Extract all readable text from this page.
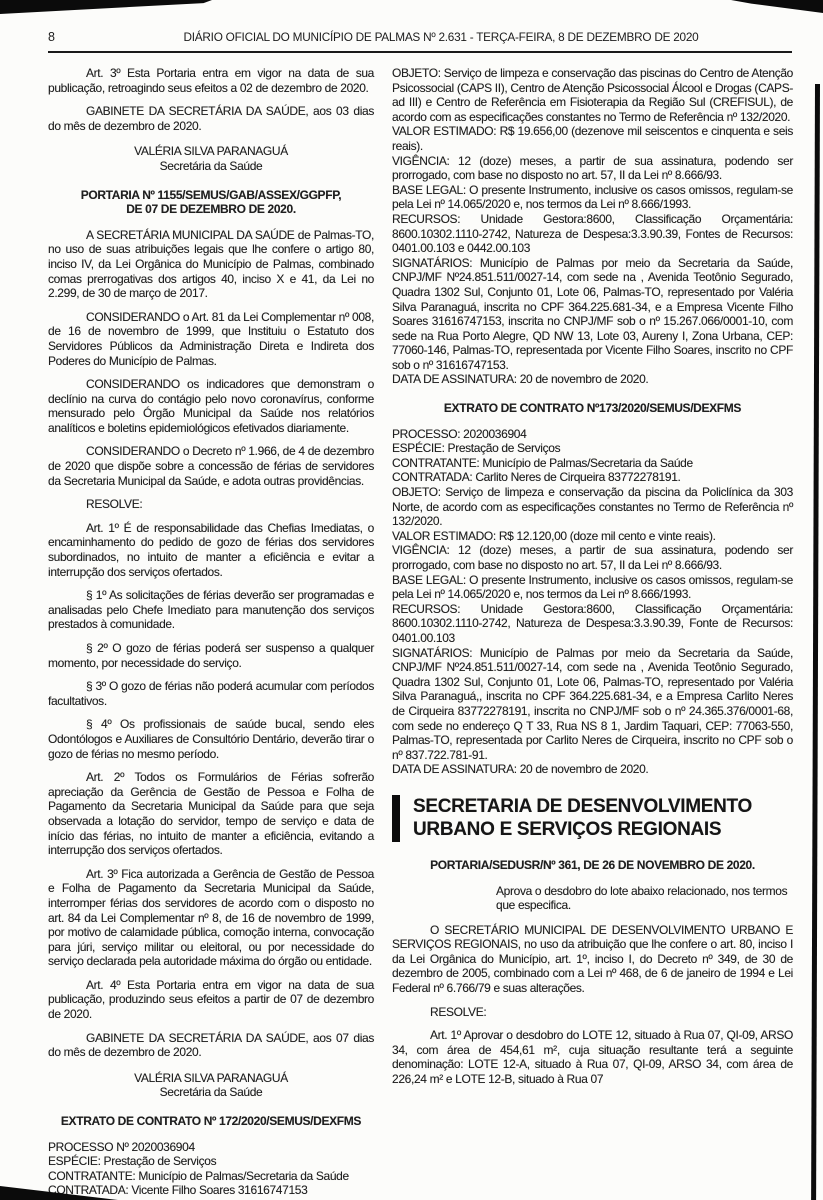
8	DIÁRIO OFICIAL DO MUNICÍPIO DE PALMAS Nº 2.631 - TERÇA-FEIRA, 8 DE DEZEMBRO DE 2020
Art. 3º Esta Portaria entra em vigor na data de sua publicação, retroagindo seus efeitos a 02 de dezembro de 2020.
GABINETE DA SECRETÁRIA DA SAÚDE, aos 03 dias do mês de dezembro de 2020.
VALÉRIA SILVA PARANAGUÁ
Secretária da Saúde
PORTARIA Nº 1155/SEMUS/GAB/ASSEX/GGPFP,
DE 07 DE DEZEMBRO DE 2020.
A SECRETÁRIA MUNICIPAL DA SAÚDE de Palmas-TO, no uso de suas atribuições legais que lhe confere o artigo 80, inciso IV, da Lei Orgânica do Município de Palmas, combinado comas prerrogativas dos artigos 40, inciso X e 41, da Lei no 2.299, de 30 de março de 2017.
CONSIDERANDO o Art. 81 da Lei Complementar nº 008, de 16 de novembro de 1999, que Instituiu o Estatuto dos Servidores Públicos da Administração Direta e Indireta dos Poderes do Município de Palmas.
CONSIDERANDO os indicadores que demonstram o declínio na curva do contágio pelo novo coronavírus, conforme mensurado pelo Órgão Municipal da Saúde nos relatórios analíticos e boletins epidemiológicos efetivados diariamente.
CONSIDERANDO o Decreto nº 1.966, de 4 de dezembro de 2020 que dispõe sobre a concessão de férias de servidores da Secretaria Municipal da Saúde, e adota outras providências.
RESOLVE:
Art. 1º É de responsabilidade das Chefias Imediatas, o encaminhamento do pedido de gozo de férias dos servidores subordinados, no intuito de manter a eficiência e evitar a interrupção dos serviços ofertados.
§ 1º As solicitações de férias deverão ser programadas e analisadas pelo Chefe Imediato para manutenção dos serviços prestados à comunidade.
§ 2º O gozo de férias poderá ser suspenso a qualquer momento, por necessidade do serviço.
§ 3º O gozo de férias não poderá acumular com períodos facultativos.
§ 4º Os profissionais de saúde bucal, sendo eles Odontólogos e Auxiliares de Consultório Dentário, deverão tirar o gozo de férias no mesmo período.
Art. 2º Todos os Formulários de Férias sofrerão apreciação da Gerência de Gestão de Pessoa e Folha de Pagamento da Secretaria Municipal da Saúde para que seja observada a lotação do servidor, tempo de serviço e data de início das férias, no intuito de manter a eficiência, evitando a interrupção dos serviços ofertados.
Art. 3º Fica autorizada a Gerência de Gestão de Pessoa e Folha de Pagamento da Secretaria Municipal da Saúde, interromper férias dos servidores de acordo com o disposto no art. 84 da Lei Complementar nº 8, de 16 de novembro de 1999, por motivo de calamidade pública, comoção interna, convocação para júri, serviço militar ou eleitoral, ou por necessidade do serviço declarada pela autoridade máxima do órgão ou entidade.
Art. 4º Esta Portaria entra em vigor na data de sua publicação, produzindo seus efeitos a partir de 07 de dezembro de 2020.
GABINETE DA SECRETÁRIA DA SAÚDE, aos 07 dias do mês de dezembro de 2020.
VALÉRIA SILVA PARANAGUÁ
Secretária da Saúde
EXTRATO DE CONTRATO Nº 172/2020/SEMUS/DEXFMS
PROCESSO Nº 2020036904
ESPÉCIE: Prestação de Serviços
CONTRATANTE: Município de Palmas/Secretaria da Saúde
CONTRATADA: Vicente Filho Soares 31616747153
OBJETO: Serviço de limpeza e conservação das piscinas do Centro de Atenção Psicossocial (CAPS II), Centro de Atenção Psicossocial Álcool e Drogas (CAPS-ad III) e Centro de Referência em Fisioterapia da Região Sul (CREFISUL), de acordo com as especificações constantes no Termo de Referência nº 132/2020.
VALOR ESTIMADO: R$ 19.656,00 (dezenove mil seiscentos e cinquenta e seis reais).
VIGÊNCIA: 12 (doze) meses, a partir de sua assinatura, podendo ser prorrogado, com base no disposto no art. 57, II da Lei nº 8.666/93.
BASE LEGAL: O presente Instrumento, inclusive os casos omissos, regulam-se pela Lei nº 14.065/2020 e, nos termos da Lei nº 8.666/1993.
RECURSOS: Unidade Gestora:8600, Classificação Orçamentária: 8600.10302.1110-2742, Natureza de Despesa:3.3.90.39, Fontes de Recursos: 0401.00.103 e 0442.00.103
SIGNATÁRIOS: Município de Palmas por meio da Secretaria da Saúde, CNPJ/MF Nº24.851.511/0027-14, com sede na , Avenida Teotônio Segurado, Quadra 1302 Sul, Conjunto 01, Lote 06, Palmas-TO, representado por Valéria Silva Paranaguá, inscrita no CPF 364.225.681-34, e a Empresa Vicente Filho Soares 31616747153, inscrita no CNPJ/MF sob o nº 15.267.066/0001-10, com sede na Rua Porto Alegre, QD NW 13, Lote 03, Aureny I, Zona Urbana, CEP: 77060-146, Palmas-TO, representada por Vicente Filho Soares, inscrito no CPF sob o nº 31616747153.
DATA DE ASSINATURA: 20 de novembro de 2020.
EXTRATO DE CONTRATO Nº173/2020/SEMUS/DEXFMS
PROCESSO: 2020036904
ESPÉCIE: Prestação de Serviços
CONTRATANTE: Município de Palmas/Secretaria da Saúde
CONTRATADA: Carlito Neres de Cirqueira 83772278191.
OBJETO: Serviço de limpeza e conservação da piscina da Policlínica da 303 Norte, de acordo com as especificações constantes no Termo de Referência nº 132/2020.
VALOR ESTIMADO: R$ 12.120,00 (doze mil cento e vinte reais).
VIGÊNCIA: 12 (doze) meses, a partir de sua assinatura, podendo ser prorrogado, com base no disposto no art. 57, II da Lei nº 8.666/93.
BASE LEGAL: O presente Instrumento, inclusive os casos omissos, regulam-se pela Lei nº 14.065/2020 e, nos termos da Lei nº 8.666/1993.
RECURSOS: Unidade Gestora:8600, Classificação Orçamentária: 8600.10302.1110-2742, Natureza de Despesa:3.3.90.39, Fonte de Recursos: 0401.00.103
SIGNATÁRIOS: Município de Palmas por meio da Secretaria da Saúde, CNPJ/MF Nº24.851.511/0027-14, com sede na , Avenida Teotônio Segurado, Quadra 1302 Sul, Conjunto 01, Lote 06, Palmas-TO, representado por Valéria Silva Paranaguá,, inscrita no CPF 364.225.681-34, e a Empresa Carlito Neres de Cirqueira 83772278191, inscrita no CNPJ/MF sob o nº 24.365.376/0001-68, com sede no endereço Q T 33, Rua NS 8 1, Jardim Taquari, CEP: 77063-550, Palmas-TO, representada por Carlito Neres de Cirqueira, inscrito no CPF sob o nº 837.722.781-91.
DATA DE ASSINATURA: 20 de novembro de 2020.
SECRETARIA DE DESENVOLVIMENTO URBANO E SERVIÇOS REGIONAIS
PORTARIA/SEDUSR/Nº 361, DE 26 DE NOVEMBRO DE 2020.
Aprova o desdobro do lote abaixo relacionado, nos termos que especifica.
O SECRETÁRIO MUNICIPAL DE DESENVOLVIMENTO URBANO E SERVIÇOS REGIONAIS, no uso da atribuição que lhe confere o art. 80, inciso I da Lei Orgânica do Município, art. 1º, inciso I, do Decreto nº 349, de 30 de dezembro de 2005, combinado com a Lei nº 468, de 6 de janeiro de 1994 e Lei Federal nº 6.766/79 e suas alterações.
RESOLVE:
Art. 1º Aprovar o desdobro do LOTE 12, situado à Rua 07, QI-09, ARSO 34, com área de 454,61 m², cuja situação resultante terá a seguinte denominação: LOTE 12-A, situado à Rua 07, QI-09, ARSO 34, com área de 226,24 m² e LOTE 12-B, situado à Rua 07
